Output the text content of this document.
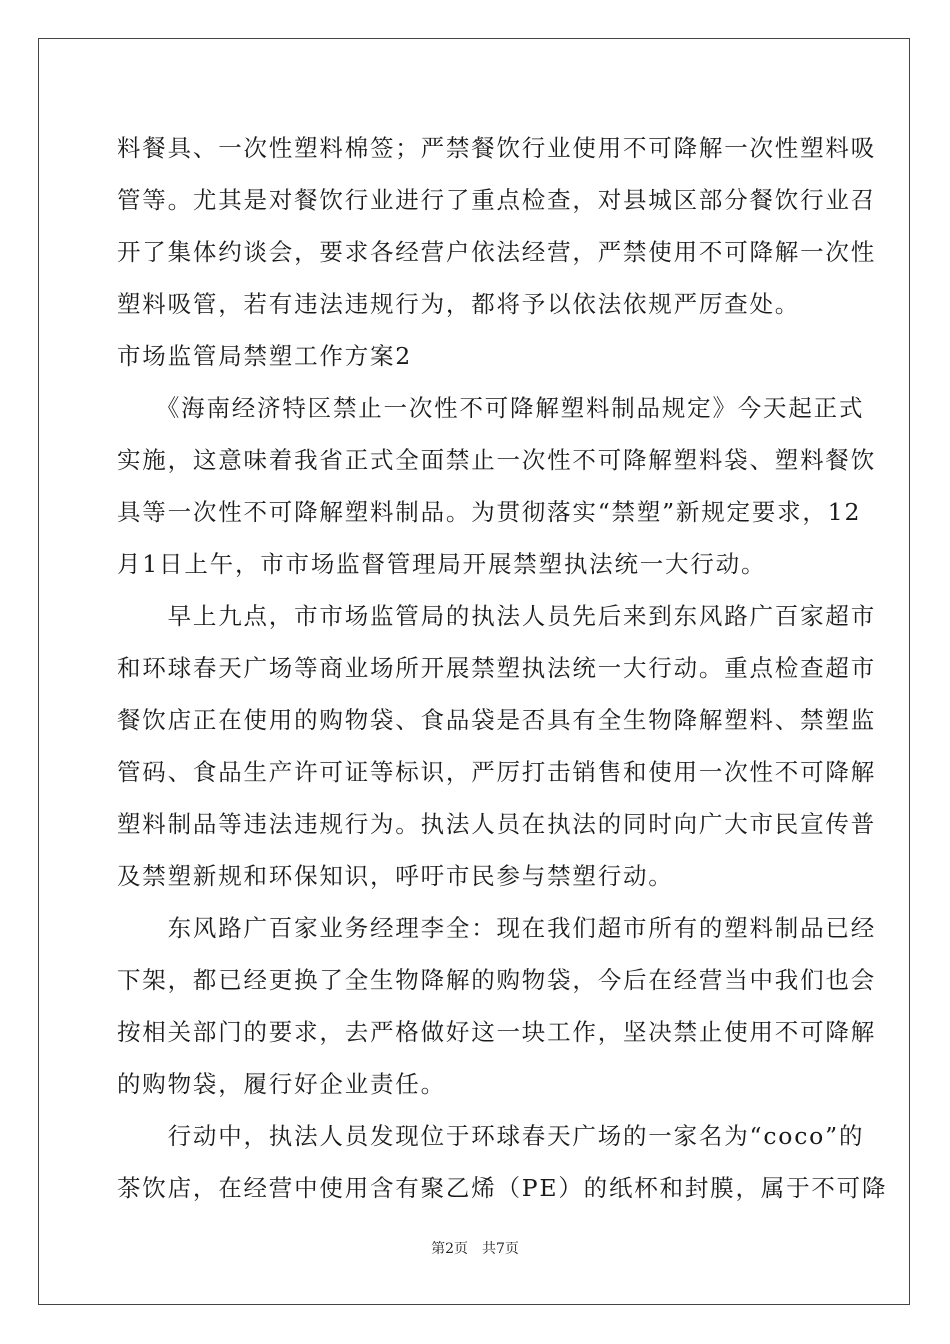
料餐具、一次性塑料棉签；严禁餐饮行业使用不可降解一次性塑料吸
管等。尤其是对餐饮行业进行了重点检查，对县城区部分餐饮行业召
开了集体约谈会，要求各经营户依法经营，严禁使用不可降解一次性
塑料吸管，若有违法违规行为，都将予以依法依规严厉查处。
市场监管局禁塑工作方案2
　　《海南经济特区禁止一次性不可降解塑料制品规定》今天起正式
实施，这意味着我省正式全面禁止一次性不可降解塑料袋、塑料餐饮
具等一次性不可降解塑料制品。为贯彻落实“禁塑”新规定要求，12
月1日上午，市市场监督管理局开展禁塑执法统一大行动。
　　早上九点，市市场监管局的执法人员先后来到东风路广百家超市
和环球春天广场等商业场所开展禁塑执法统一大行动。重点检查超市
餐饮店正在使用的购物袋、食品袋是否具有全生物降解塑料、禁塑监
管码、食品生产许可证等标识，严厉打击销售和使用一次性不可降解
塑料制品等违法违规行为。执法人员在执法的同时向广大市民宣传普
及禁塑新规和环保知识，呼吁市民参与禁塑行动。
　　东风路广百家业务经理李全：现在我们超市所有的塑料制品已经
下架，都已经更换了全生物降解的购物袋，今后在经营当中我们也会
按相关部门的要求，去严格做好这一块工作，坚决禁止使用不可降解
的购物袋，履行好企业责任。
　　行动中，执法人员发现位于环球春天广场的一家名为“coco”的
茶饮店，在经营中使用含有聚乙烯（PE）的纸杯和封膜，属于不可降
第2页　共7页
